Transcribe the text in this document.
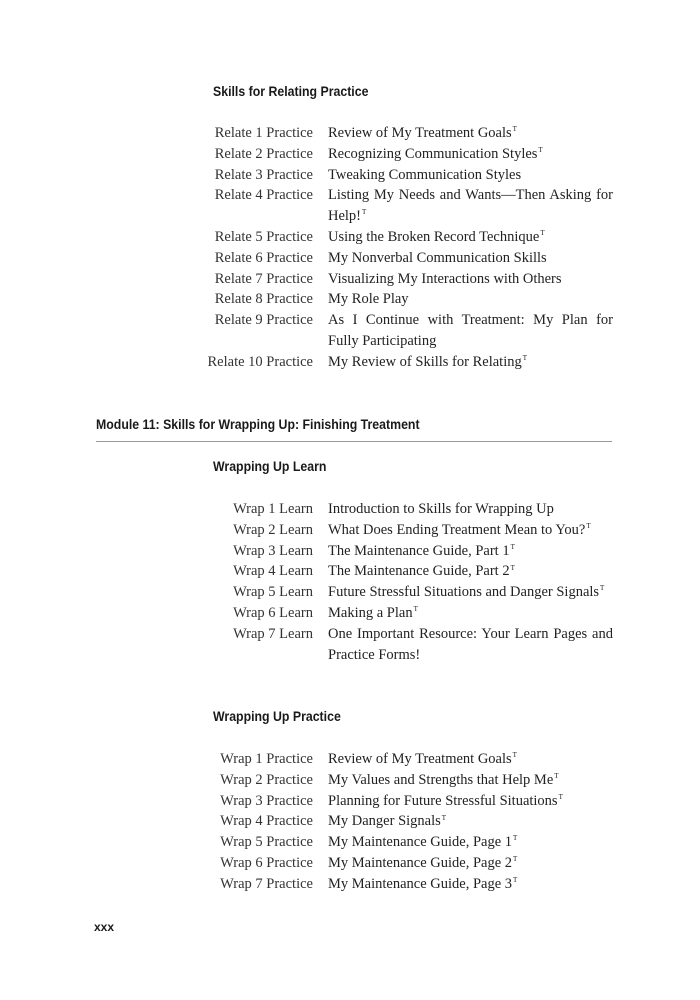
Skills for Relating Practice
Relate 1 Practice Review of My Treatment Goals$^T$
Relate 2 Practice Recognizing Communication Styles$^T$
Relate 3 Practice Tweaking Communication Styles
Relate 4 Practice Listing My Needs and Wants—Then Asking for Help!$^T$
Relate 5 Practice Using the Broken Record Technique$^T$
Relate 6 Practice My Nonverbal Communication Skills
Relate 7 Practice Visualizing My Interactions with Others
Relate 8 Practice My Role Play
Relate 9 Practice As I Continue with Treatment: My Plan for Fully Participating
Relate 10 Practice My Review of Skills for Relating$^T$
Module 11: Skills for Wrapping Up: Finishing Treatment
Wrapping Up Learn
Wrap 1 Learn Introduction to Skills for Wrapping Up
Wrap 2 Learn What Does Ending Treatment Mean to You?$^T$
Wrap 3 Learn The Maintenance Guide, Part $1^T$
Wrap 4 Learn The Maintenance Guide, Part $2^T$
Wrap 5 Learn Future Stressful Situations and Danger Signals$^T$
Wrap 6 Learn Making a Plan$^T$
Wrap 7 Learn One Important Resource: Your Learn Pages and Practice Forms!
Wrapping Up Practice
Wrap 1 Practice Review of My Treatment Goals$^T$
Wrap 2 Practice My Values and Strengths that Help $Me^T$
Wrap 3 Practice Planning for Future Stressful Situations$^T$
Wrap 4 Practice My Danger Signals$^T$
Wrap 5 Practice My Maintenance Guide, Page $1^T$
Wrap 6 Practice My Maintenance Guide, Page $2^T$
Wrap 7 Practice My Maintenance Guide, Page $3^T$
xxx
